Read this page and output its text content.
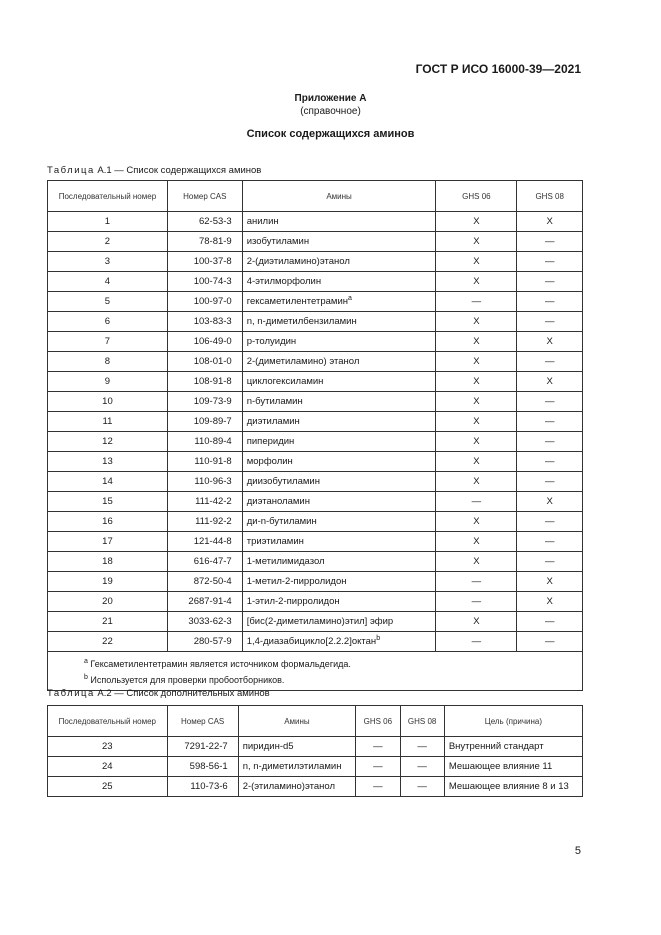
ГОСТ Р ИСО 16000-39—2021
Приложение А
(справочное)
Список содержащихся аминов
Таблица А.1 — Список содержащихся аминов
Последовательный номер	Номер CAS	Амины	GHS 06	GHS 08
1	62-53-3	анилин	X	X
2	78-81-9	изобутиламин	X	—
3	100-37-8	2-(диэтиламино)этанол	X	—
4	100-74-3	4-этилморфолин	X	—
5	100-97-0	гексаметилентетрамин$^a$	—	—
6	103-83-3	n, n-диметилбензиламин	X	—
7	106-49-0	p-толуидин	X	X
8	108-01-0	2-(диметиламино) этанол	X	—
9	108-91-8	циклогексиламин	X	X
10	109-73-9	n-бутиламин	X	—
11	109-89-7	диэтиламин	X	—
12	110-89-4	пиперидин	X	—
13	110-91-8	морфолин	X	—
14	110-96-3	диизобутиламин	X	—
15	111-42-2	диэтаноламин	—	X
16	111-92-2	ди-n-бутиламин	X	—
17	121-44-8	триэтиламин	X	—
18	616-47-7	1-метилимидазол	X	—
19	872-50-4	1-метил-2-пирролидон	—	X
20	2687-91-4	1-этил-2-пирролидон	—	X
21	3033-62-3	[бис(2-диметиламино)этил] эфир	X	—
22	280-57-9	1,4-диазабицикло[2.2.2]октан$^b$	—	—

$^a$ Гексаметилентетрамин является источником формальдегида.
$^b$ Используется для проверки пробоотборников.				
Таблица А.2 — Список дополнительных аминов
Последовательный номер	Номер CAS	Амины	GHS 06	GHS 08	Цель (причина)
23	7291-22-7	пиридин-d5	—	—	Внутренний стандарт
24	598-56-1	n, n-диметилэтиламин	—	—	Мешающее влияние 11
25	110-73-6	2-(этиламино)этанол	—	—	Мешающее влияние 8 и 13
5
